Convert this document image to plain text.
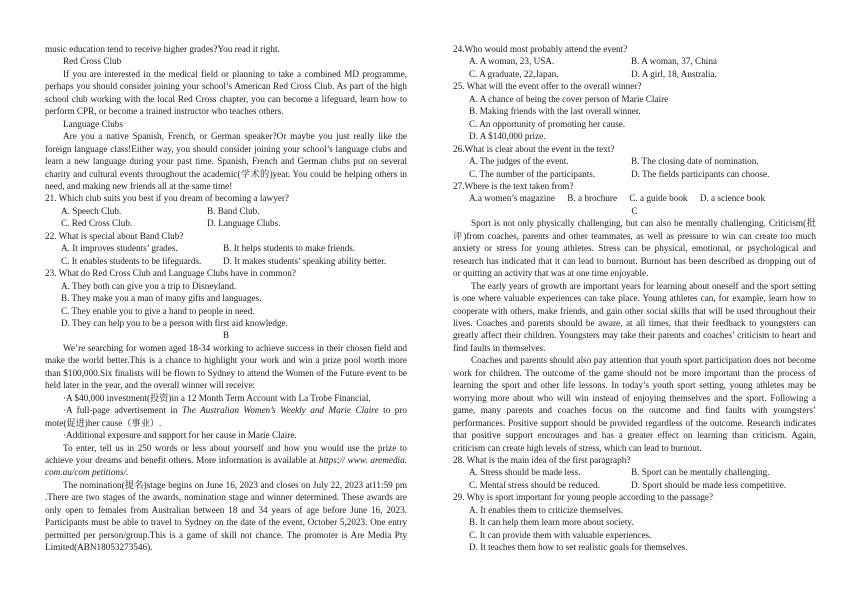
music education tend to receive higher grades?You read it right.

Red Cross Club

If you are interested in the medical field or planning to take a combined MD programme, perhaps you should consider joining your school’s American Red Cross Club. As part of the high school club working with the local Red Cross chapter, you can become a lifeguard, learn how to perform CPR, or become a trained instructor who teaches others.

Language Clubs

Are you a native Spanish, French, or German speaker?Or maybe you just really like the foreign language class!Either way, you should consider joining your school’s language clubs and learn a new language during your past time. Spanish, French and German clubs put on several charity and cultural events throughout the academic(学术的)year. You could be helping others in need, and making new friends all at the same time!

21. Which club suits you best if you dream of becoming a lawyer?

A. Speech Club.	B. Band Club.
C. Red Cross Club.	D. Language Clubs.

22. What is special about Band Club?

A. It improves students’ grades.	B. It helps students to make friends.
C. It enables students to be lifeguards.	D. It makes students’ speaking ability better.

23. What do Red Cross Club and Language Clubs have in common?

A. They both can give you a trip to Disneyland.

B. They make you a man of many gifts and languages.

C. They enable you to give a hand to people in need.

D. They can help you to be a person with first aid knowledge.

B

We’re searching for women aged 18-34 working to achieve success in their chosen field and make the world better.This is a chance to highlight your work and win a prize pool worth more than $100,000.Six finalists will be flown to Sydney to attend the Women of the Future event to be held later in the year, and the overall winner will receive:

·A $40,000 investment(投资)in a 12 Month Term Account with La Trobe Financial.

·A full-page advertisement in The Australian Women’s Weekly and Marie Claire to pro mote(促进)her cause（事业）.

·Additional exposure and support for her cause in Marie Claire.

To enter, tell us in 250 words or less about yourself and how you would use the prize to achieve your dreams and benefit others. More information is available at https;// www. aremedia. com.au/com petitions/.

The nomination(提名)stage begins on June 16, 2023 and closes on July 22, 2023 at11:59 pm .There are two stages of the awards, nomination stage and winner determined. These awards are only open to females from Australian between 18 and 34 years of age before June 16, 2023. Participants must be able to travel to Sydney on the date of the event, October 5,2023. One entry permitted per person/group.This is a game of skill not chance. The promoter is Are Media Pty Limited(ABN18053273546).

24.Who would most probably attend the event?

A. A woman, 23, USA.	B. A woman, 37, China
C. A graduate, 22,Japan.	D. A girl, 18, Australia.

25. What will the event offer to the overall winner?

A. A chance of being the cover person of Marie Claire

B. Making friends with the last overall winner.

C. An opportunity of promoting her cause.

D. A $140,000 prize.

26.What is clear about the event in the text?

A. The judges of the event.	B. The closing date of nomination.
C. The number of the participants.	D. The fields participants can choose.

27.Where is the text taken from?

A.a women’s magazine B. a brochure C. a guide book D. a science book

C

Sport is not only physically challenging, but can also be mentally challenging. Criticism(批评)from coaches, parents and other teammates, as well as pressure to win can create too much anxiety or stress for young athletes. Stress can be physical, emotional, or psychological and research has indicated that it can lead to burnout. Burnout has been described as dropping out of or quitting an activity that was at one time enjoyable.

The early years of growth are important years for learning about oneself and the sport setting is one where valuable experiences can take place. Young athletes can, for example, learn how to cooperate with others, make friends, and gain other social skills that will be used throughout their lives. Coaches and parents should be aware, at all times, that their feedback to youngsters can greatly affect their children. Youngsters may take their parents and coaches’ criticism to heart and find faults in themselves.

Coaches and parents should also pay attention that youth sport participation does not become work for children. The outcome of the game should not be more important than the process of learning the sport and other life lessons. In today’s youth sport setting, young athletes may be worrying more about who will win instead of enjoying themselves and the sport. Following a game, many parents and coaches focus on the outcome and find faults with youngsters’ performances. Positive support should be provided regardless of the outcome. Research indicates that positive support encourages and has a greater effect on learning than criticism. Again, criticism can create high levels of stress, which can lead to burnout.

28. What is the main idea of the first paragraph?

A. Stress should be made less.	B. Sport can be mentally challenging.
C. Mental stress should be reduced.	D. Sport should be made less competitive.

29. Why is sport important for young people according to the passage?

A. It enables them to criticize themselves.

B. It can help them learn more about society.

C. It can provide them with valuable experiences.

D. It teaches them how to set realistic goals for themselves.
